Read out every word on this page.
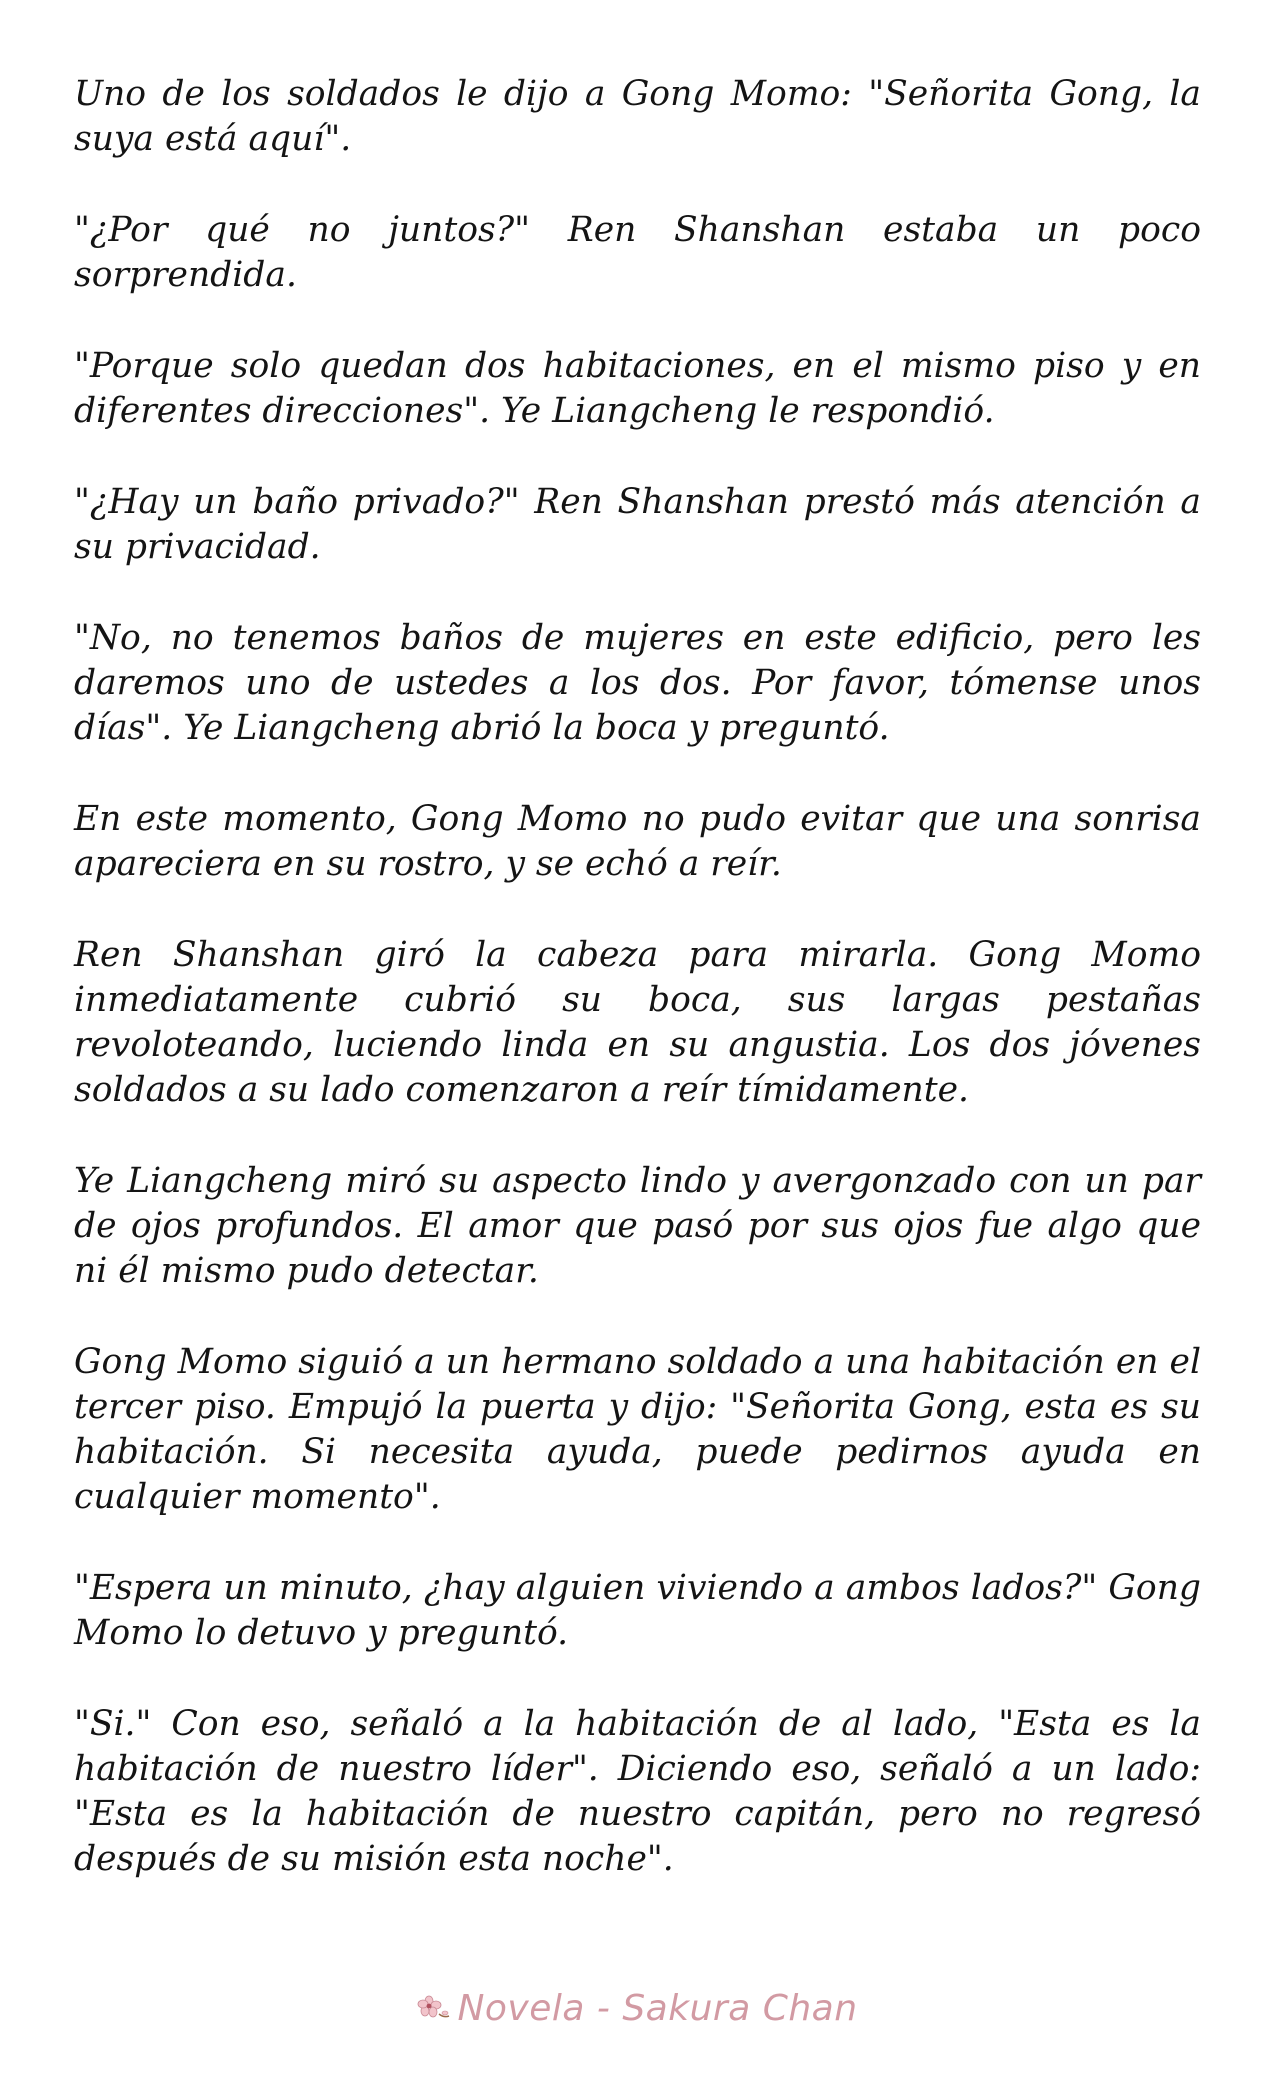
Uno de los soldados le dijo a Gong Momo: "Señorita Gong, la suya está aquí".

"¿Por qué no juntos?" Ren Shanshan estaba un poco sorprendida.

"Porque solo quedan dos habitaciones, en el mismo piso y en diferentes direcciones". Ye Liangcheng le respondió.

"¿Hay un baño privado?" Ren Shanshan prestó más atención a su privacidad.

"No, no tenemos baños de mujeres en este edificio, pero les daremos uno de ustedes a los dos. Por favor, tómense unos días". Ye Liangcheng abrió la boca y preguntó.

En este momento, Gong Momo no pudo evitar que una sonrisa apareciera en su rostro, y se echó a reír.

Ren Shanshan giró la cabeza para mirarla. Gong Momo inmediatamente cubrió su boca, sus largas pestañas revoloteando, luciendo linda en su angustia. Los dos jóvenes soldados a su lado comenzaron a reír tímidamente.

Ye Liangcheng miró su aspecto lindo y avergonzado con un par de ojos profundos. El amor que pasó por sus ojos fue algo que ni él mismo pudo detectar.

Gong Momo siguió a un hermano soldado a una habitación en el tercer piso. Empujó la puerta y dijo: "Señorita Gong, esta es su habitación. Si necesita ayuda, puede pedirnos ayuda en cualquier momento".

"Espera un minuto, ¿hay alguien viviendo a ambos lados?" Gong Momo lo detuvo y preguntó.

"Si." Con eso, señaló a la habitación de al lado, "Esta es la habitación de nuestro líder". Diciendo eso, señaló a un lado: "Esta es la habitación de nuestro capitán, pero no regresó después de su misión esta noche".

Novela - Sakura Chan
